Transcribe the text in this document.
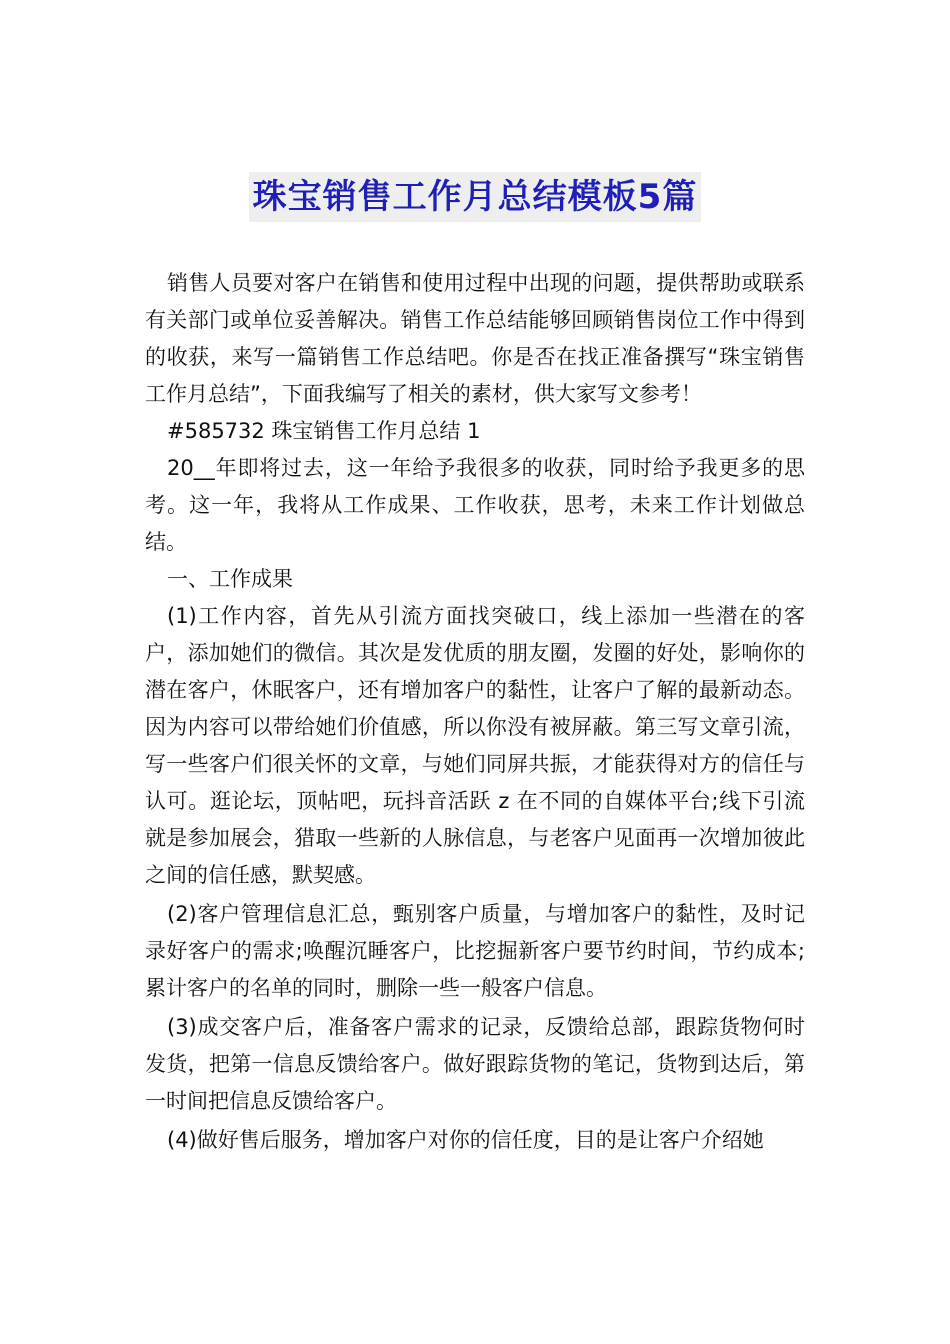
珠宝销售工作月总结模板5篇

销售人员要对客户在销售和使用过程中出现的问题，提供帮助或联系有关部门或单位妥善解决。销售工作总结能够回顾销售岗位工作中得到的收获，来写一篇销售工作总结吧。你是否在找正准备撰写“珠宝销售工作月总结”，下面我编写了相关的素材，供大家写文参考！

#585732 珠宝销售工作月总结 1

20__年即将过去，这一年给予我很多的收获，同时给予我更多的思考。这一年，我将从工作成果、工作收获，思考，未来工作计划做总结。

一、工作成果

(1)工作内容，首先从引流方面找突破口，线上添加一些潜在的客户，添加她们的微信。其次是发优质的朋友圈，发圈的好处，影响你的潜在客户，休眠客户，还有增加客户的黏性，让客户了解的最新动态。因为内容可以带给她们价值感，所以你没有被屏蔽。第三写文章引流，写一些客户们很关怀的文章，与她们同屏共振，才能获得对方的信任与认可。逛论坛，顶帖吧，玩抖音活跃 z 在不同的自媒体平台;线下引流就是参加展会，猎取一些新的人脉信息，与老客户见面再一次增加彼此之间的信任感，默契感。

(2)客户管理信息汇总，甄别客户质量，与增加客户的黏性，及时记录好客户的需求;唤醒沉睡客户，比挖掘新客户要节约时间，节约成本;累计客户的名单的同时，删除一些一般客户信息。

(3)成交客户后，准备客户需求的记录，反馈给总部，跟踪货物何时发货，把第一信息反馈给客户。做好跟踪货物的笔记，货物到达后，第一时间把信息反馈给客户。

(4)做好售后服务，增加客户对你的信任度，目的是让客户介绍她
